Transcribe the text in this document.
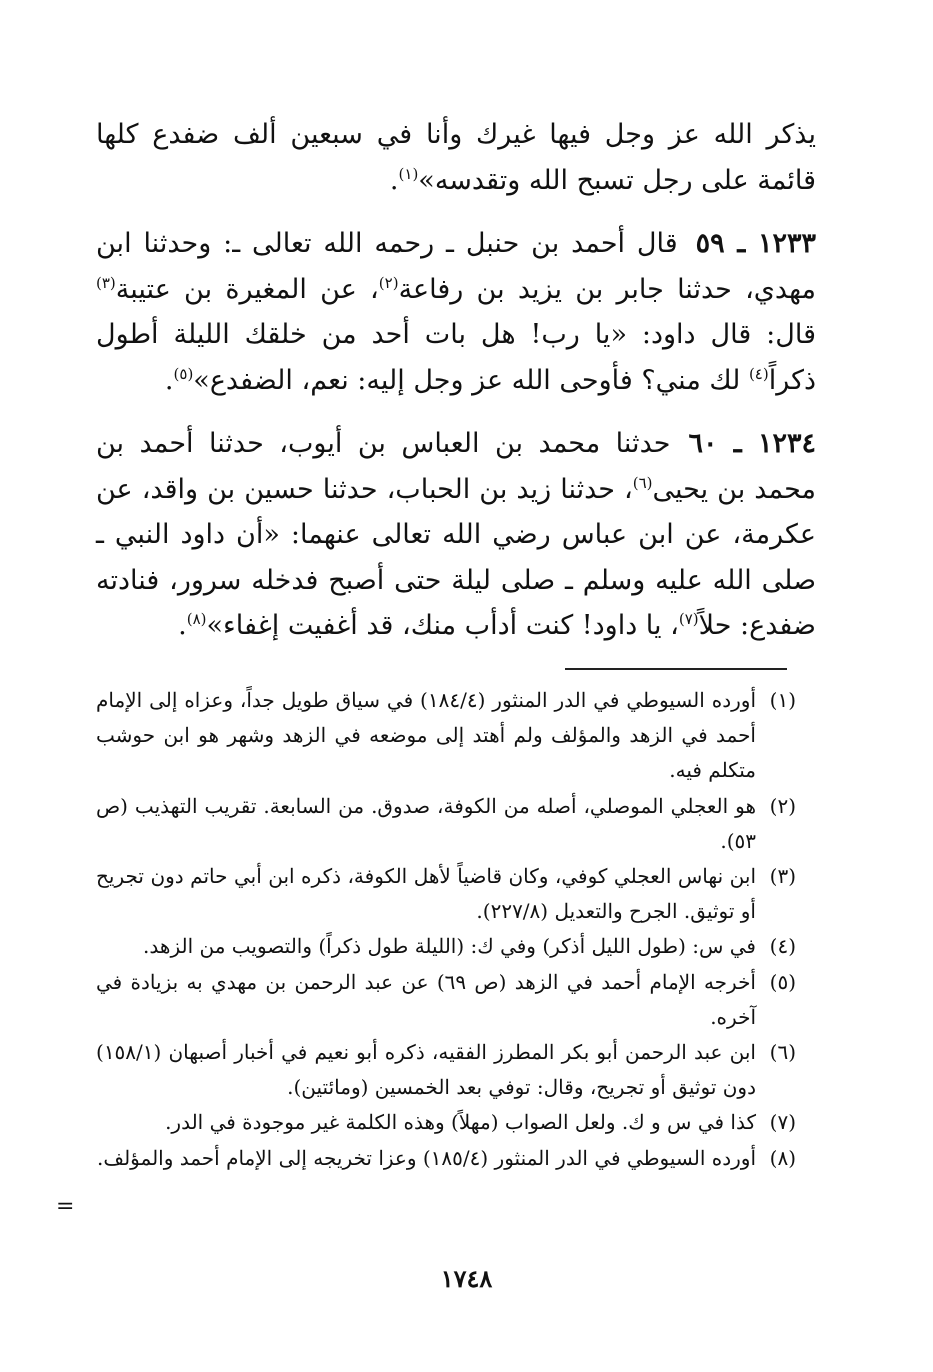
يذكر الله عز وجل فيها غيرك وأنا في سبعين ألف ضفدع كلها قائمة على رجل تسبح الله وتقدسه»$^{(١)}$.

١٢٣٣ ـ ٥٩قال أحمد بن حنبل ـ رحمه الله تعالى ـ: وحدثنا ابن مهدي، حدثنا جابر بن يزيد بن رفاعة$^{(٢)}$، عن المغيرة بن عتيبة$^{(٣)}$ قال: قال داود: «يا رب! هل بات أحد من خلقك الليلة أطول ذكراً$^{(٤)}$ لك مني؟ فأوحى الله عز وجل إليه: نعم، الضفدع»$^{(٥)}$.

١٢٣٤ ـ ٦٠حدثنا محمد بن العباس بن أيوب، حدثنا أحمد بن محمد بن يحيى$^{(٦)}$، حدثنا زيد بن الحباب، حدثنا حسين بن واقد، عن عكرمة، عن ابن عباس رضي الله تعالى عنهما: «أن داود النبي ـ صلى الله عليه وسلم ـ صلى ليلة حتى أصبح فدخله سرور، فنادته ضفدع: حلاً$^{(٧)}$، يا داود! كنت أدأب منك، قد أغفيت إغفاء»$^{(٨)}$.

(١)
أورده السيوطي في الدر المنثور (١٨٤/٤) في سياق طويل جداً، وعزاه إلى الإمام أحمد في الزهد والمؤلف ولم أهتد إلى موضعه في الزهد وشهر هو ابن حوشب متكلم فيه.
(٢)
هو العجلي الموصلي، أصله من الكوفة، صدوق. من السابعة. تقريب التهذيب (ص ٥٣).
(٣)
ابن نهاس العجلي كوفي، وكان قاضياً لأهل الكوفة، ذكره ابن أبي حاتم دون تجريح أو توثيق. الجرح والتعديل (٢٢٧/٨).
(٤)
في س: (طول الليل أذكر) وفي ك: (الليلة طول ذكراً) والتصويب من الزهد.
(٥)
أخرجه الإمام أحمد في الزهد (ص ٦٩) عن عبد الرحمن بن مهدي به بزيادة في آخره.
(٦)
ابن عبد الرحمن أبو بكر المطرز الفقيه، ذكره أبو نعيم في أخبار أصبهان (١٥٨/١) دون توثيق أو تجريح، وقال: توفي بعد الخمسين (ومائتين).
(٧)
كذا في س و ك. ولعل الصواب (مهلاً) وهذه الكلمة غير موجودة في الدر.
(٨)
أورده السيوطي في الدر المنثور (١٨٥/٤) وعزا تخريجه إلى الإمام أحمد والمؤلف.
=
١٧٤٨
